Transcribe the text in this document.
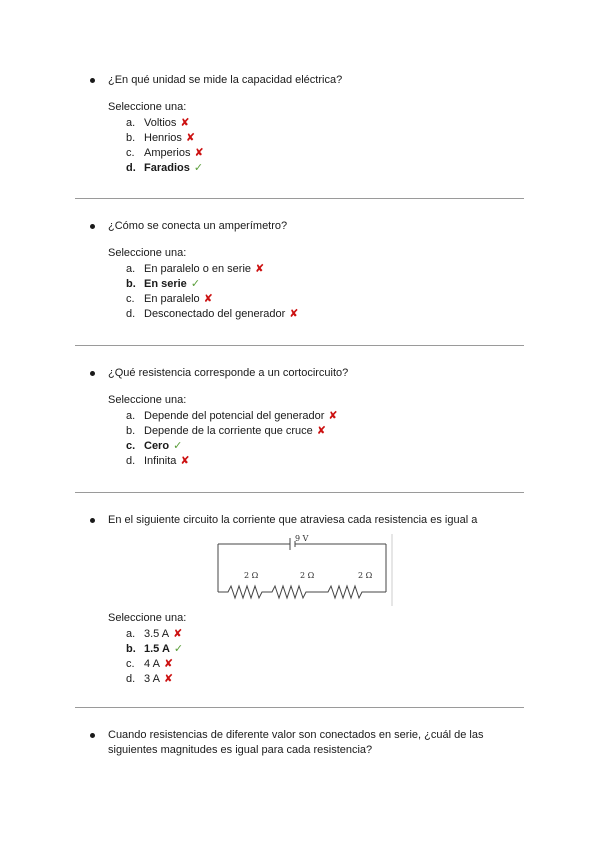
¿En qué unidad se mide la capacidad eléctrica?
Seleccione una:
a. Voltios ✘
b. Henrios ✘
c. Amperios ✘
d. Faradios ✓
¿Cómo se conecta un amperímetro?
Seleccione una:
a. En paralelo o en serie ✘
b. En serie ✓
c. En paralelo ✘
d. Desconectado del generador ✘
¿Qué resistencia corresponde a un cortocircuito?
Seleccione una:
a. Depende del potencial del generador ✘
b. Depende de la corriente que cruce ✘
c. Cero ✓
d. Infinita ✘
En el siguiente circuito la corriente que atraviesa cada resistencia es igual a
9 V
2 Ω	2 Ω	2 Ω
Seleccione una:
a. 3.5 A ✘
b. 1.5 A ✓
c. 4 A ✘
d. 3 A ✘
Cuando resistencias de diferente valor son conectados en serie, ¿cuál de las siguientes magnitudes es igual para cada resistencia?
